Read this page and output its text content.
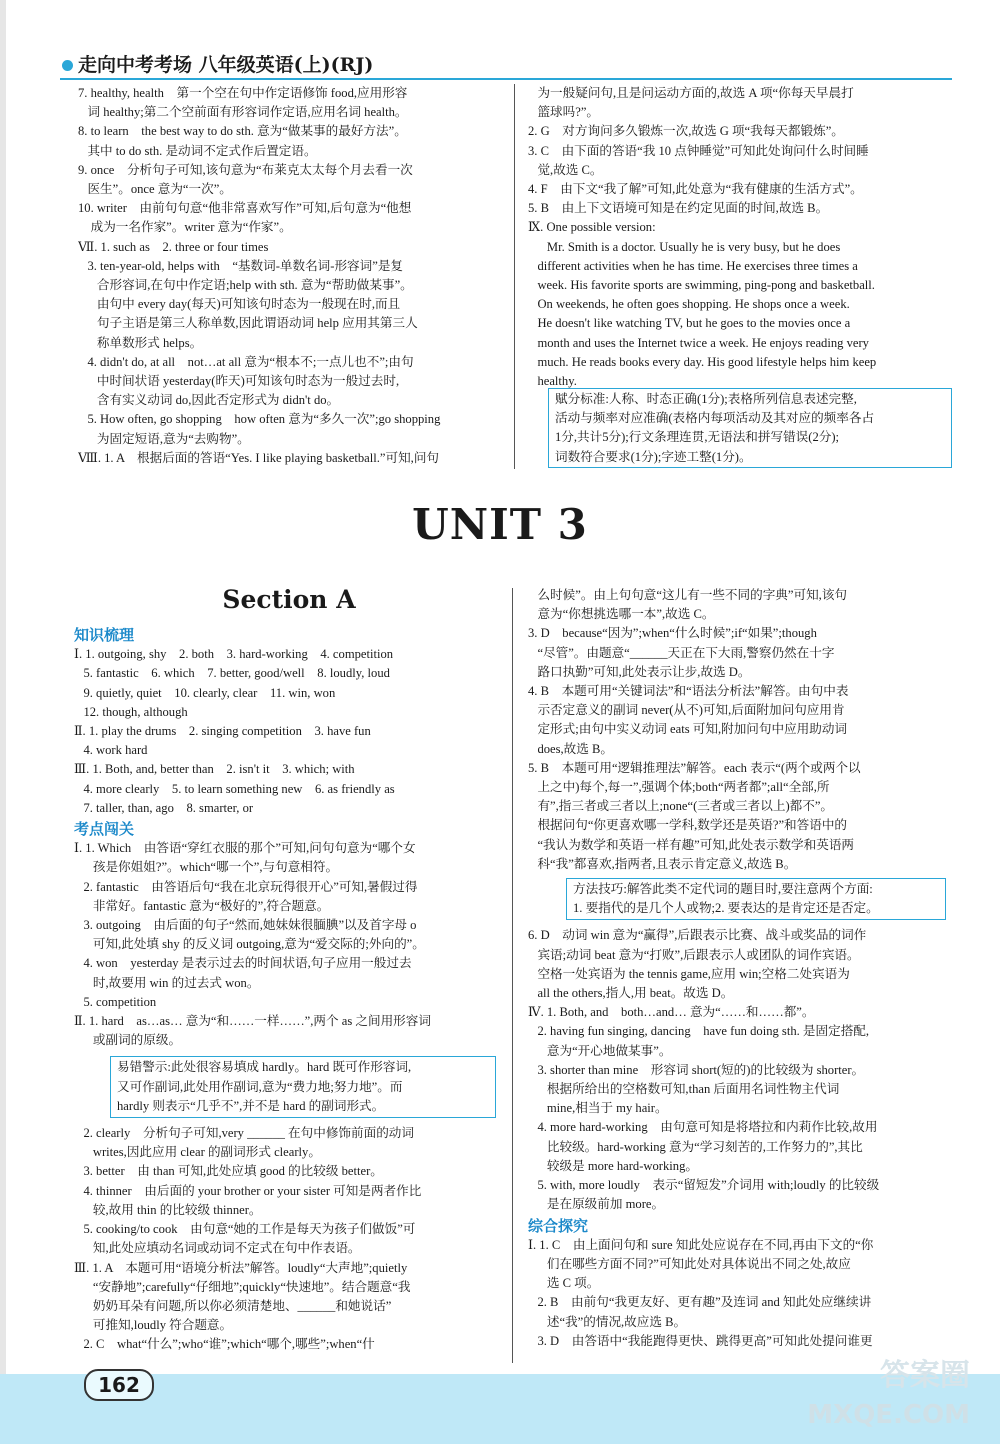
走向中考考场 八年级英语(上)(RJ)
7. healthy, health    第一个空在句中作定语修饰 food,应用形容
词 healthy;第二个空前面有形容词作定语,应用名词 health。
8. to learn    the best way to do sth. 意为“做某事的最好方法”。
其中 to do sth. 是动词不定式作后置定语。
9. once    分析句子可知,该句意为“布莱克太太每个月去看一次
医生”。once 意为“一次”。
10. writer    由前句句意“他非常喜欢写作”可知,后句意为“他想
成为一名作家”。writer 意为“作家”。
Ⅶ. 1. such as    2. three or four times
3. ten-year-old, helps with    “基数词-单数名词-形容词”是复
合形容词,在句中作定语;help with sth. 意为“帮助做某事”。
由句中 every day(每天)可知该句时态为一般现在时,而且
句子主语是第三人称单数,因此谓语动词 help 应用其第三人
称单数形式 helps。
4. didn't do, at all    not…at all 意为“根本不;一点儿也不”;由句
中时间状语 yesterday(昨天)可知该句时态为一般过去时,
含有实义动词 do,因此否定形式为 didn't do。
5. How often, go shopping    how often 意为“多久一次”;go shopping
为固定短语,意为“去购物”。
Ⅷ. 1. A    根据后面的答语“Yes. I like playing basketball.”可知,问句
为一般疑问句,且是问运动方面的,故选 A 项“你每天早晨打
篮球吗?”。
2. G    对方询问多久锻炼一次,故选 G 项“我每天都锻炼”。
3. C    由下面的答语“我 10 点钟睡觉”可知此处询问什么时间睡
觉,故选 C。
4. F    由下文“我了解”可知,此处意为“我有健康的生活方式”。
5. B    由上下文语境可知是在约定见面的时间,故选 B。
Ⅸ. One possible version:
Mr. Smith is a doctor. Usually he is very busy, but he does
different activities when he has time. He exercises three times a
week. His favorite sports are swimming, ping-pong and basketball.
On weekends, he often goes shopping. He shops once a week.
He doesn't like watching TV, but he goes to the movies once a
month and uses the Internet twice a week. He enjoys reading very
much. He reads books every day. His good lifestyle helps him keep
healthy.
赋分标准:人称、时态正确(1分);表格所列信息表述完整,
活动与频率对应准确(表格内每项活动及其对应的频率各占
1分,共计5分);行文条理连贯,无语法和拼写错误(2分);
词数符合要求(1分);字迹工整(1分)。
UNIT 3
Section A
知识梳理
Ⅰ. 1. outgoing, shy    2. both    3. hard-working    4. competition
5. fantastic    6. which    7. better, good/well    8. loudly, loud
9. quietly, quiet    10. clearly, clear    11. win, won
12. though, although
Ⅱ. 1. play the drums    2. singing competition    3. have fun
4. work hard
Ⅲ. 1. Both, and, better than    2. isn't it    3. which; with
4. more clearly    5. to learn something new    6. as friendly as
7. taller, than, ago    8. smarter, or
考点闯关
Ⅰ. 1. Which    由答语“穿红衣服的那个”可知,问句句意为“哪个女
孩是你姐姐?”。which“哪一个”,与句意相符。
2. fantastic    由答语后句“我在北京玩得很开心”可知,暑假过得
非常好。fantastic 意为“极好的”,符合题意。
3. outgoing    由后面的句子“然而,她妹妹很腼腆”以及首字母 o
可知,此处填 shy 的反义词 outgoing,意为“爱交际的;外向的”。
4. won    yesterday 是表示过去的时间状语,句子应用一般过去
时,故要用 win 的过去式 won。
5. competition
Ⅱ. 1. hard    as…as… 意为“和……一样……”,两个 as 之间用形容词
或副词的原级。
易错警示:此处很容易填成 hardly。hard 既可作形容词,
又可作副词,此处用作副词,意为“费力地;努力地”。而
hardly 则表示“几乎不”,并不是 hard 的副词形式。
2. clearly    分析句子可知,very ______ 在句中修饰前面的动词
writes,因此应用 clear 的副词形式 clearly。
3. better    由 than 可知,此处应填 good 的比较级 better。
4. thinner    由后面的 your brother or your sister 可知是两者作比
较,故用 thin 的比较级 thinner。
5. cooking/to cook    由句意“她的工作是每天为孩子们做饭”可
知,此处应填动名词或动词不定式在句中作表语。
Ⅲ. 1. A    本题可用“语境分析法”解答。loudly“大声地”;quietly
“安静地”;carefully“仔细地”;quickly“快速地”。结合题意“我
奶奶耳朵有问题,所以你必须清楚地、______和她说话”
可推知,loudly 符合题意。
2. C    what“什么”;who“谁”;which“哪个,哪些”;when“什
么时候”。由上句句意“这儿有一些不同的字典”可知,该句
意为“你想挑选哪一本”,故选 C。
3. D    because“因为”;when“什么时候”;if“如果”;though
“尽管”。由题意“______天正在下大雨,警察仍然在十字
路口执勤”可知,此处表示让步,故选 D。
4. B    本题可用“关键词法”和“语法分析法”解答。由句中表
示否定意义的副词 never(从不)可知,后面附加问句应用肯
定形式;由句中实义动词 eats 可知,附加问句中应用助动词
does,故选 B。
5. B    本题可用“逻辑推理法”解答。each 表示“(两个或两个以
上之中)每个,每一”,强调个体;both“两者都”;all“全部,所
有”,指三者或三者以上;none“(三者或三者以上)都不”。
根据问句“你更喜欢哪一学科,数学还是英语?”和答语中的
“我认为数学和英语一样有趣”可知,此处表示数学和英语两
科“我”都喜欢,指两者,且表示肯定意义,故选 B。
方法技巧:解答此类不定代词的题目时,要注意两个方面:
1. 要指代的是几个人或物;2. 要表达的是肯定还是否定。
6. D    动词 win 意为“赢得”,后跟表示比赛、战斗或奖品的词作
宾语;动词 beat 意为“打败”,后跟表示人或团队的词作宾语。
空格一处宾语为 the tennis game,应用 win;空格二处宾语为
all the others,指人,用 beat。故选 D。
Ⅳ. 1. Both, and    both…and… 意为“……和……都”。
2. having fun singing, dancing    have fun doing sth. 是固定搭配,
意为“开心地做某事”。
3. shorter than mine    形容词 short(短的)的比较级为 shorter。
根据所给出的空格数可知,than 后面用名词性物主代词
mine,相当于 my hair。
4. more hard-working    由句意可知是将塔拉和内莉作比较,故用
比较级。hard-working 意为“学习刻苦的,工作努力的”,其比
较级是 more hard-working。
5. with, more loudly    表示“留短发”介词用 with;loudly 的比较级
是在原级前加 more。
综合探究
Ⅰ. 1. C    由上面问句和 sure 知此处应说存在不同,再由下文的“你
们在哪些方面不同?”可知此处对具体说出不同之处,故应
选 C 项。
2. B    由前句“我更友好、更有趣”及连词 and 知此处应继续讲
述“我”的情况,故应选 B。
3. D    由答语中“我能跑得更快、跳得更高”可知此处提问谁更
162	答案圈
MXQE.COM
